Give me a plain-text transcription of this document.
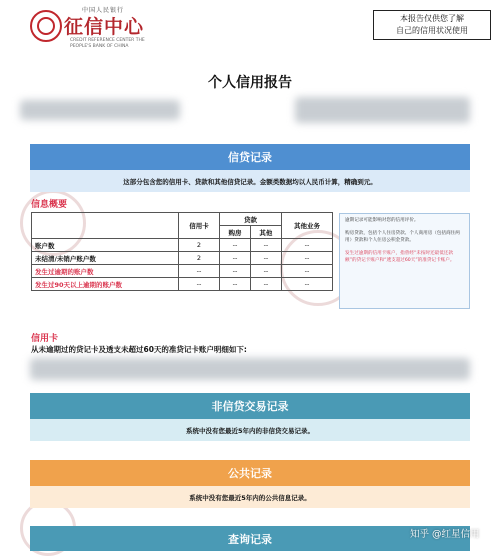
中国人民银行
征信中心
CREDIT REFERENCE CENTER THE PEOPLE'S BANK OF CHINA
本报告仅供您了解
自己的信用状况使用
个人信用报告
信贷记录
这部分包含您的信用卡、贷款和其他信贷记录。金额类数据均以人民币计算，精确到元。
信息概要
	信用卡	贷款		其他业务
		购房	其他	
账户数	2	--	--	--
未结清/未销户账户数	2	--	--	--
发生过逾期的账户数	--	--	--	--
发生过90天以上逾期的账户数	--	--	--	--

逾期记录可能影响对您的信用评价。

购房贷款，包括个人住房贷款、个人商用房（包括商住两用）贷款和个人住房公积金贷款。

发生过逾期的信用卡账户，指曾经“未按时还最低还款额”的贷记卡账户和“透支超过60天”的准贷记卡账户。

信用卡
从未逾期过的贷记卡及透支未超过60天的准贷记卡账户明细如下:
非信贷交易记录
系统中没有您最近5年内的非信贷交易记录。
公共记录
系统中没有您最近5年内的公共信息记录。
查询记录	知乎 @红星信用
